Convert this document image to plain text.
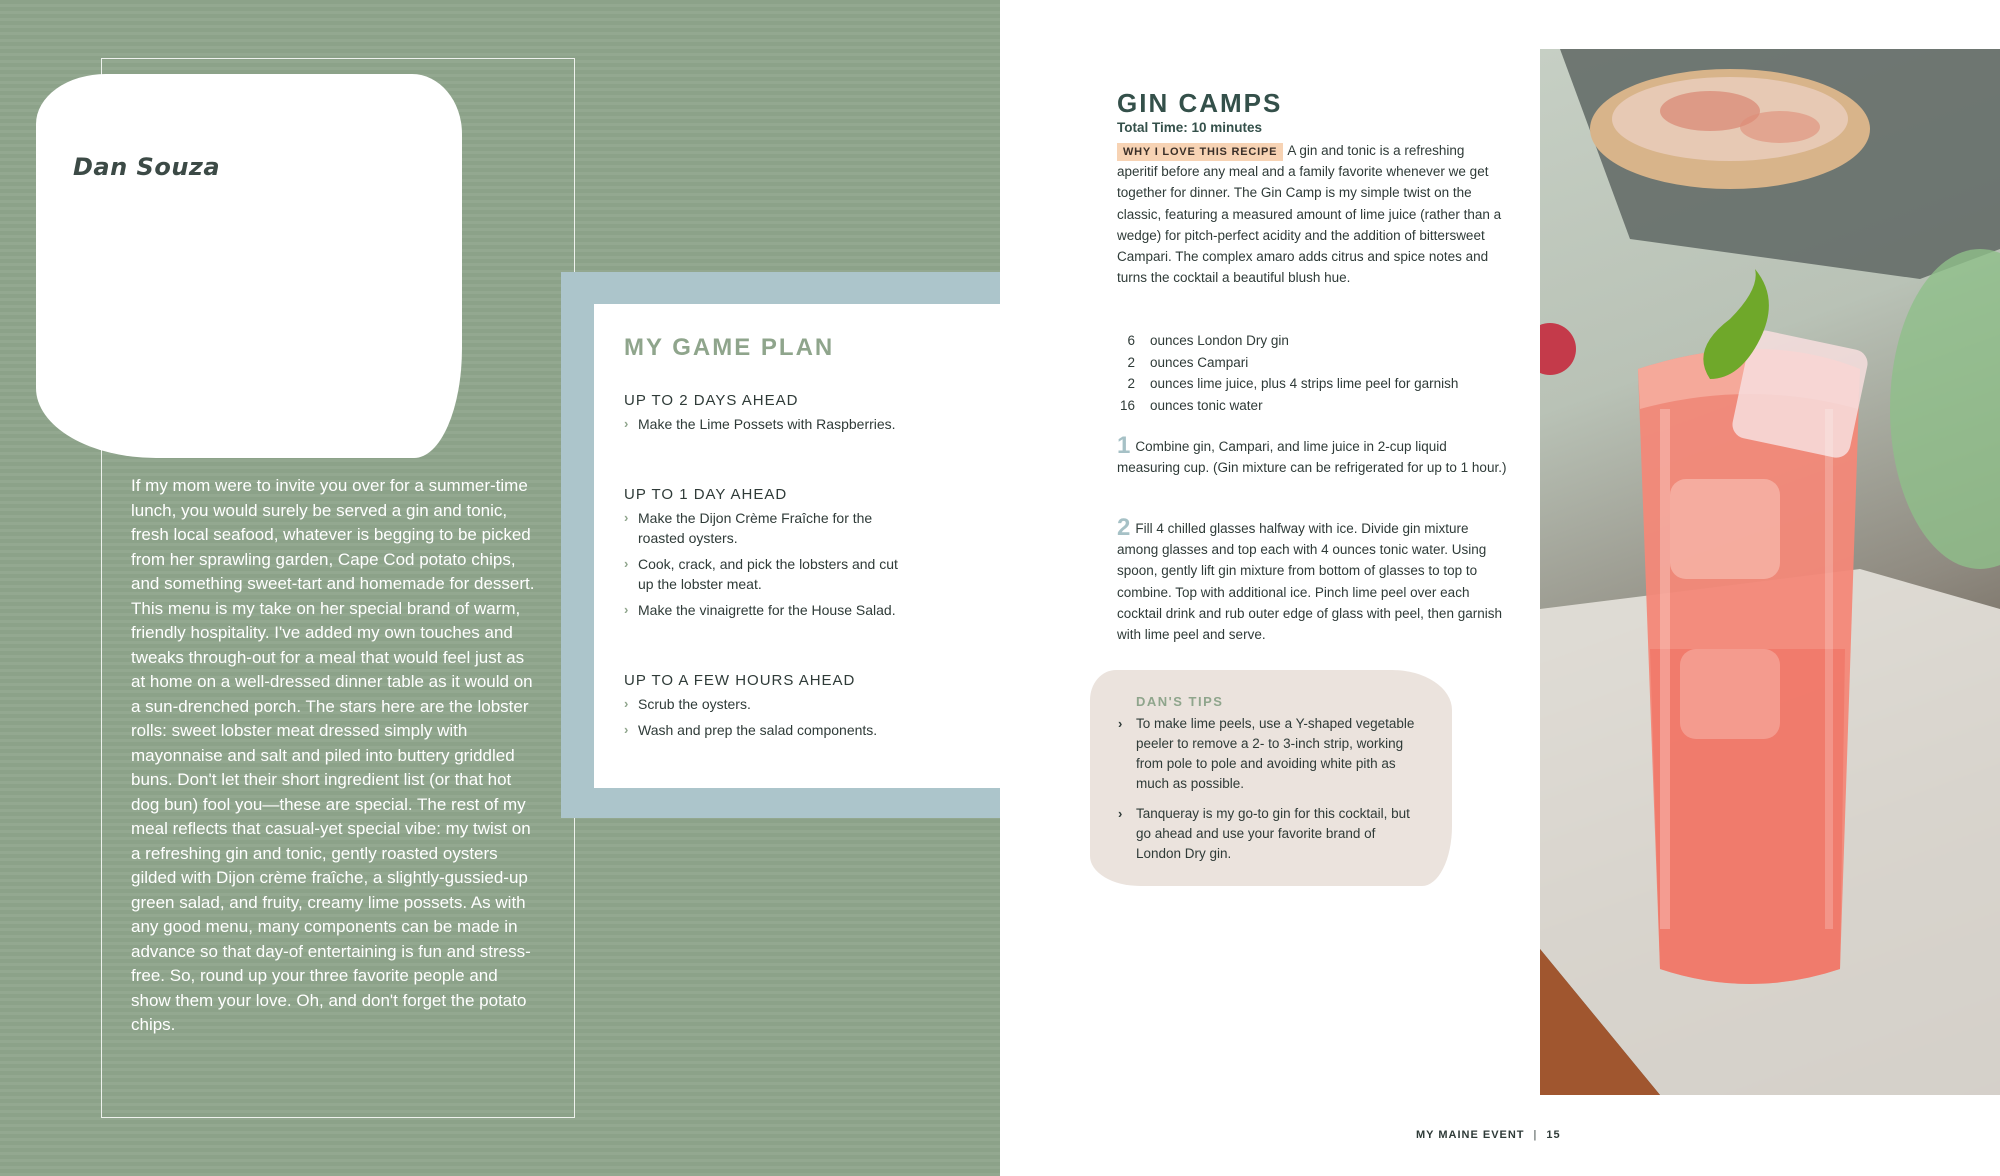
Dan Souza

If my mom were to invite you over for a summer-time lunch, you would surely be served a gin and tonic, fresh local seafood, whatever is begging to be picked from her sprawling garden, Cape Cod potato chips, and something sweet-tart and homemade for dessert. This menu is my take on her special brand of warm, friendly hospitality. I've added my own touches and tweaks through-out for a meal that would feel just as at home on a well-dressed dinner table as it would on a sun-drenched porch. The stars here are the lobster rolls: sweet lobster meat dressed simply with mayonnaise and salt and piled into buttery griddled buns. Don't let their short ingredient list (or that hot dog bun) fool you—these are special. The rest of my meal reflects that casual-yet special vibe: my twist on a refreshing gin and tonic, gently roasted oysters gilded with Dijon crème fraîche, a slightly-gussied-up green salad, and fruity, creamy lime possets. As with any good menu, many components can be made in advance so that day-of entertaining is fun and stress-free. So, round up your three favorite people and show them your love. Oh, and don't forget the potato chips.

MY GAME PLAN
UP TO 2 DAYS AHEAD
› Make the Lime Possets with Raspberries.
UP TO 1 DAY AHEAD
› Make the Dijon Crème Fraîche for the roasted oysters.
› Cook, crack, and pick the lobsters and cut up the lobster meat.
› Make the vinaigrette for the House Salad.
UP TO A FEW HOURS AHEAD
› Scrub the oysters.
› Wash and prep the salad components.
GIN CAMPS
Total Time: 10 minutes

WHY I LOVE THIS RECIPE A gin and tonic is a refreshing aperitif before any meal and a family favorite whenever we get together for dinner. The Gin Camp is my simple twist on the classic, featuring a measured amount of lime juice (rather than a wedge) for pitch-perfect acidity and the addition of bittersweet Campari. The complex amaro adds citrus and spice notes and turns the cocktail a beautiful blush hue.

6	ounces London Dry gin
2	ounces Campari
2	ounces lime juice, plus 4 strips lime peel for garnish
16	ounces tonic water

1 Combine gin, Campari, and lime juice in 2-cup liquid measuring cup. (Gin mixture can be refrigerated for up to 1 hour.)

2 Fill 4 chilled glasses halfway with ice. Divide gin mixture among glasses and top each with 4 ounces tonic water. Using spoon, gently lift gin mixture from bottom of glasses to top to combine. Top with additional ice. Pinch lime peel over each cocktail drink and rub outer edge of glass with peel, then garnish with lime peel and serve.

DAN'S TIPS
› To make lime peels, use a Y-shaped vegetable peeler to remove a 2- to 3-inch strip, working from pole to pole and avoiding white pith as much as possible.
› Tanqueray is my go-to gin for this cocktail, but go ahead and use your favorite brand of London Dry gin.
MY MAINE EVENT | 15
